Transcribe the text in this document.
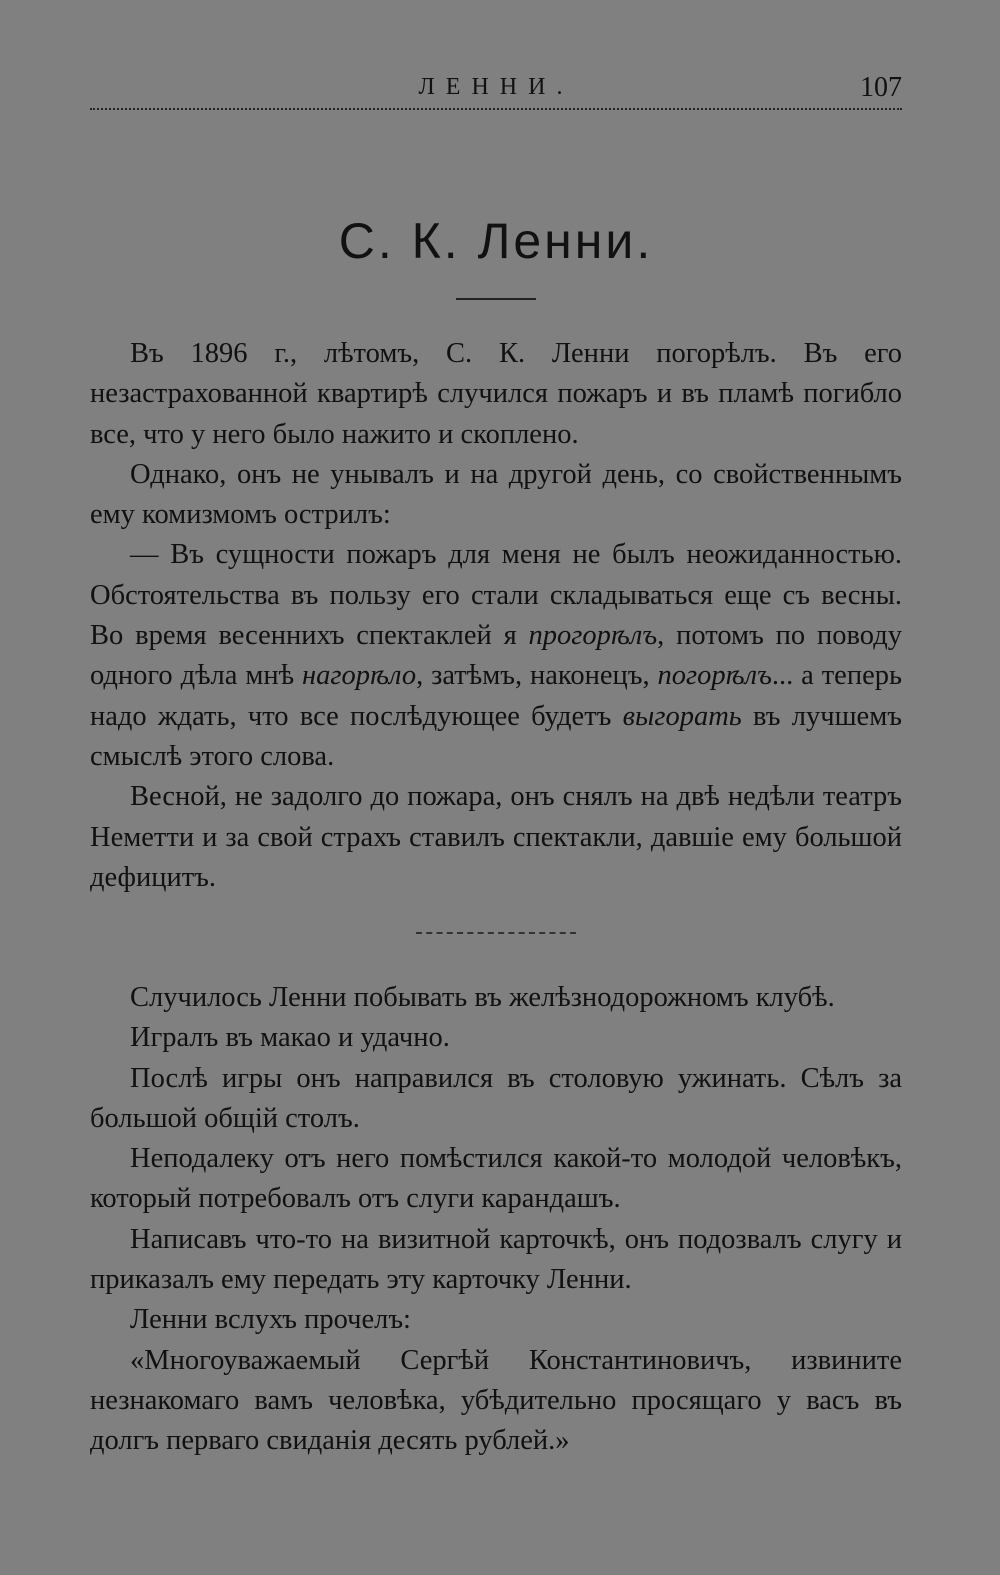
ЛЕННИ.	107
С. К. Ленни.

Въ 1896 г., лѣтомъ, С. К. Ленни погорѣлъ. Въ его незастрахованной квартирѣ случился пожаръ и въ пламѣ погибло все, что у него было нажито и скоплено.

Однако, онъ не унывалъ и на другой день, со свойственнымъ ему комизмомъ острилъ:

— Въ сущности пожаръ для меня не былъ неожиданностью. Обстоятельства въ пользу его стали складываться еще съ весны. Во время весеннихъ спектаклей я прогорѣлъ, потомъ по поводу одного дѣла мнѣ нагорѣло, затѣмъ, наконецъ, погорѣлъ... а теперь надо ждать, что все послѣдующее будетъ выгорать въ лучшемъ смыслѣ этого слова.

Весной, не задолго до пожара, онъ снялъ на двѣ недѣли театръ Неметти и за свой страхъ ставилъ спектакли, давшіе ему большой дефицитъ.

Случилось Ленни побывать въ желѣзнодорожномъ клубѣ.

Игралъ въ макао и удачно.

Послѣ игры онъ направился въ столовую ужинать. Сѣлъ за большой общій столъ.

Неподалеку отъ него помѣстился какой-то молодой человѣкъ, который потребовалъ отъ слуги карандашъ.

Написавъ что-то на визитной карточкѣ, онъ подозвалъ слугу и приказалъ ему передать эту карточку Ленни.

Ленни вслухъ прочелъ:

«Многоуважаемый Сергѣй Константиновичъ, извините незнакомаго вамъ человѣка, убѣдительно просящаго у васъ въ долгъ перваго свиданія десять рублей.»
